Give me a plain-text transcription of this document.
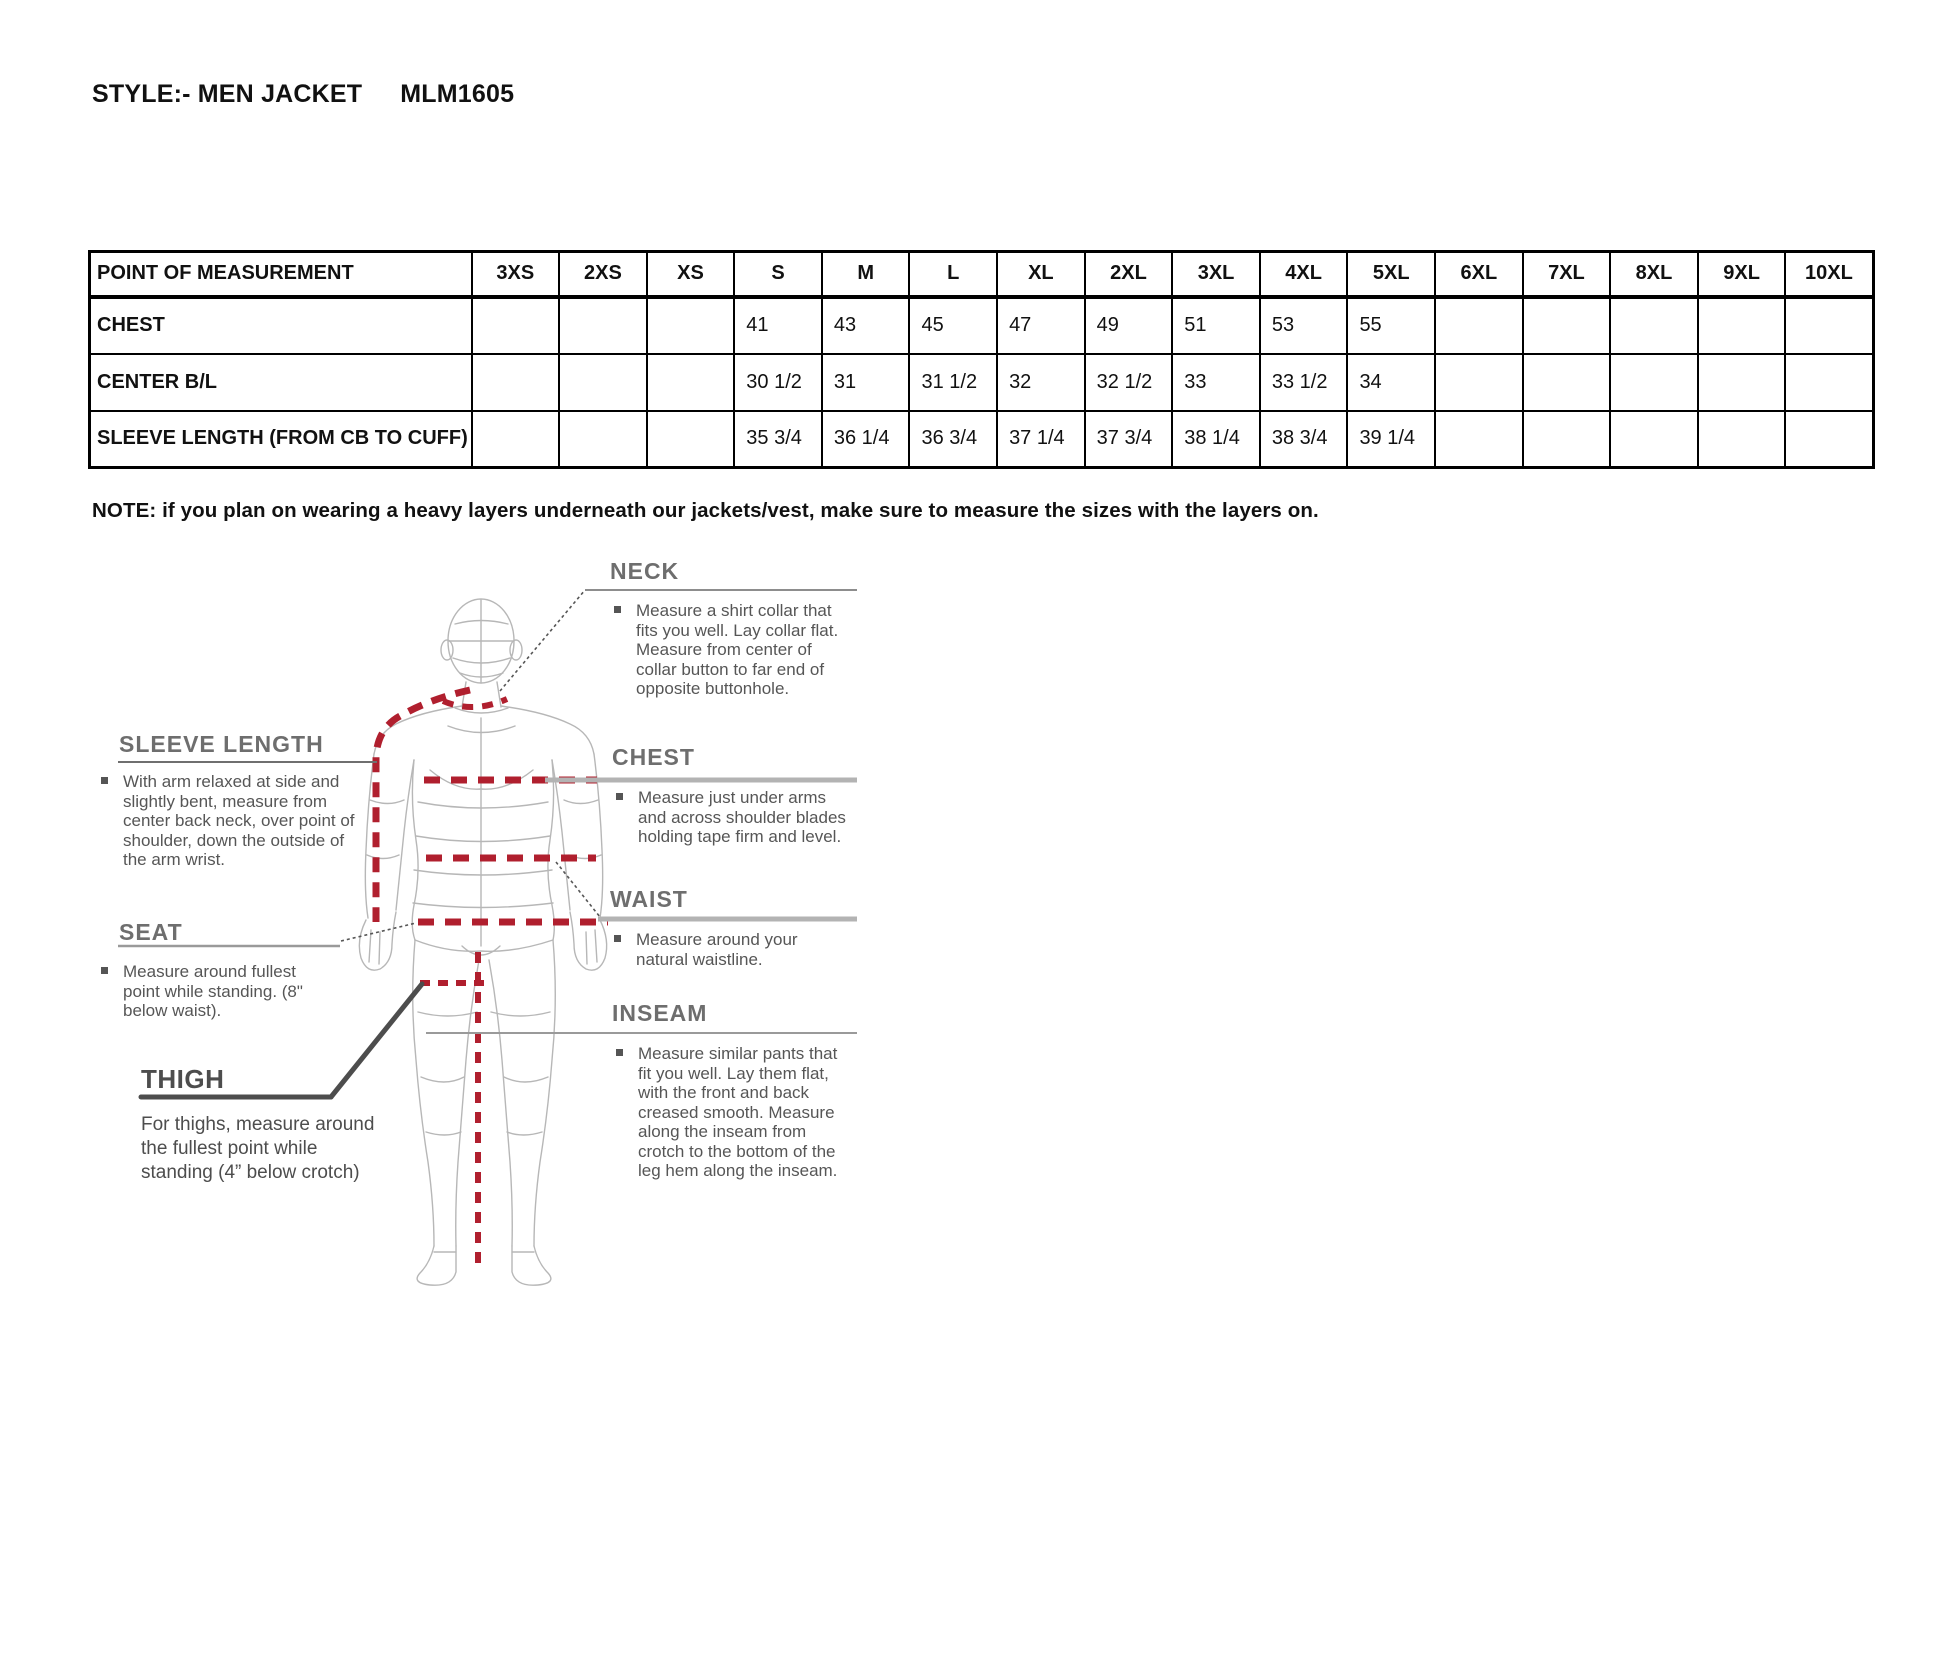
STYLE:- MEN JACKET MLM1605
POINT OF MEASUREMENT	3XS	2XS	XS	S	M	L	XL	2XL	3XL	4XL	5XL	6XL	7XL	8XL	9XL	10XL
CHEST				41	43	45	47	49	51	53	55					
CENTER B/L				30 1/2	31	31 1/2	32	32 1/2	33	33 1/2	34					
SLEEVE LENGTH (FROM CB TO CUFF)				35 3/4	36 1/4	36 3/4	37 1/4	37 3/4	38 1/4	38 3/4	39 1/4					
NOTE: if you plan on wearing a heavy layers underneath our jackets/vest, make sure to measure the sizes with the layers on.
NECK
Measure a shirt collar that fits you well. Lay collar flat. Measure from center of collar button to far end of opposite buttonhole.
SLEEVE LENGTH
With arm relaxed at side and slightly bent, measure from center back neck, over point of shoulder, down the outside of the arm wrist.
CHEST
Measure just under arms and across shoulder blades holding tape firm and level.
WAIST
Measure around your natural waistline.
SEAT
Measure around fullest point while standing. (8" below waist).	INSEAM
Measure similar pants that fit you well. Lay them flat, with the front and back creased smooth. Measure along the inseam from crotch to the bottom of the leg hem along the inseam.
THIGH
For thighs, measure around the fullest point while standing (4” below crotch)
